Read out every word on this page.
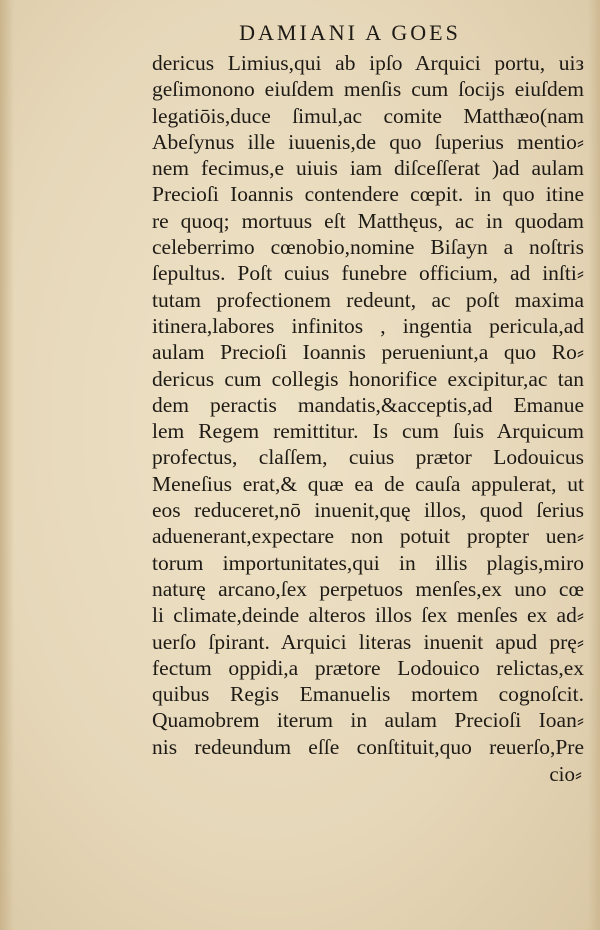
DAMIANI A GOES
dericus Limius,qui ab ipſo Arquici portu, uiз
geſimonono eiuſdem menſis cum ſocijs eiuſdem
legatiōis,duce ſimul,ac comite Matthæo(nam
Abeſynus ille iuuenis,de quo ſuperius mentio⸗
nem fecimus,e uiuis iam diſceſſerat )ad aulam
Precioſi Ioannis contendere cœpit. in quo itine
re quoq; mortuus eſt Matthęus, ac in quodam
celeberrimo cœnobio,nomine Biſayn a noſtris
ſepultus. Poſt cuius funebre officium, ad inſti⸗
tutam profectionem redeunt, ac poſt maxima
itinera,labores infinitos , ingentia pericula,ad
aulam Precioſi Ioannis perueniunt,a quo Ro⸗
dericus cum collegis honorifice excipitur,ac tan
dem peractis mandatis,&acceptis,ad Emanue
lem Regem remittitur. Is cum ſuis Arquicum
profectus, claſſem, cuius prætor Lodouicus
Meneſius erat,& quæ ea de cauſa appulerat, ut
eos reduceret,nō inuenit,quę illos, quod ſerius
aduenerant,expectare non potuit propter uen⸗
torum importunitates,qui in illis plagis,miro
naturę arcano,ſex perpetuos menſes,ex uno cœ
li climate,deinde alteros illos ſex menſes ex ad⸗
uerſo ſpirant. Arquici literas inuenit apud prę⸗
fectum oppidi,a prætore Lodouico relictas,ex
quibus Regis Emanuelis mortem cognoſcit.
Quamobrem iterum in aulam Precioſi Ioan⸗
nis redeundum eſſe conſtituit,quo reuerſo,Pre
cio⸗
